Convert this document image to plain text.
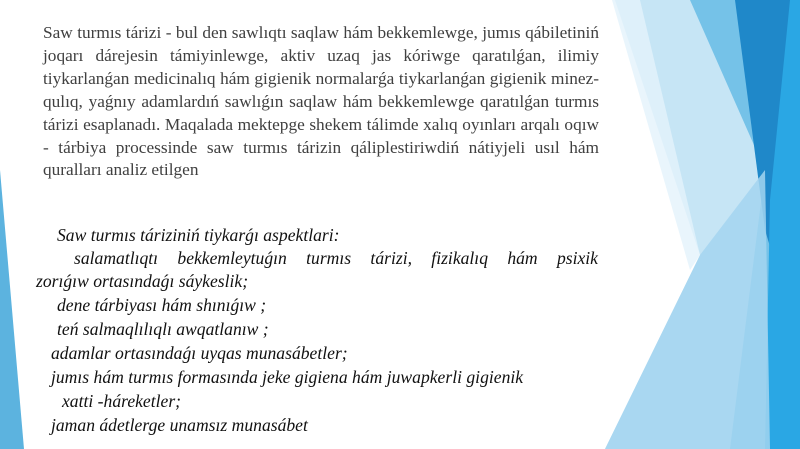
Saw turmıs tárizi - bul den sawlıqtı saqlaw hám bekkemlewge, jumıs qábiletiniń joqarı dárejesin támiyinlewge, aktiv uzaq jas kóriwge qaratılǵan, ilimiy tiykarlanǵan medicinalıq hám gigienik normalarǵa tiykarlanǵan gigienik minez-qulıq, yaǵnıy adamlardıń sawlıǵın saqlaw hám bekkemlewge qaratılǵan turmıs tárizi esaplanadı. Maqalada mektepge shekem tálimde xalıq oyınları arqalı oqıw - tárbiya processinde saw turmıs tárizin qáliplestiriwdiń nátiyjeli usıl hám quralları analiz etilgen

Saw turmıs táriziniń tiykarǵı aspektlari:
salamatlıqtı bekkemleytuǵın turmıs tárizi, fizikalıq hám psixik
zorıǵıw ortasındaǵı sáykeslik;
dene tárbiyası hám shınıǵıw ;
teń salmaqlılıqlı awqatlanıw ;
adamlar ortasındaǵı uyqas munasábetler;
jumıs hám turmıs formasında jeke gigiena hám juwapkerli gigienik
xatti -háreketler;
jaman ádetlerge unamsız munasábet
